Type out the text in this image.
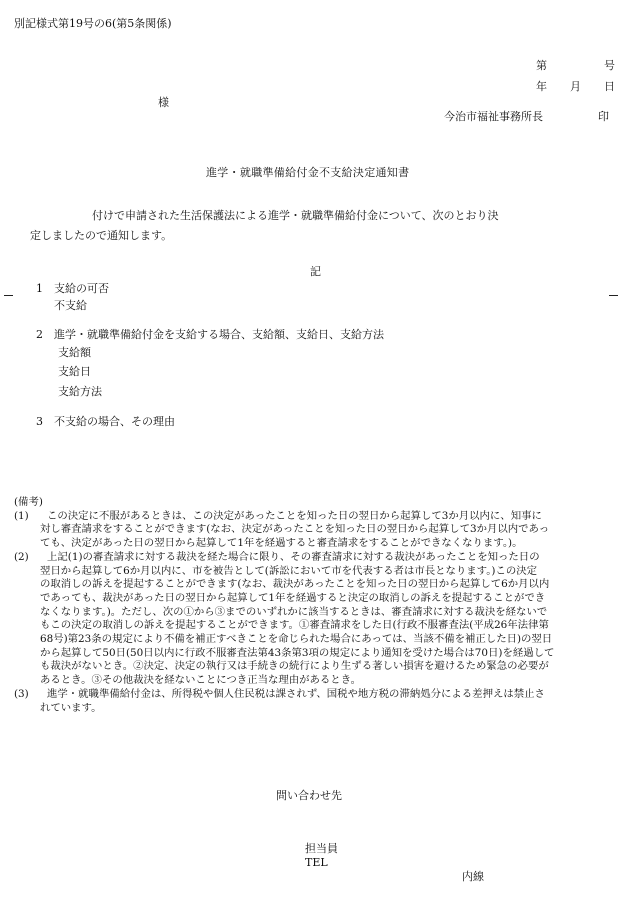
別記様式第19号の6(第5条関係)
第	号
年 月 日
様
今治市福祉事務所長	印
進学・就職準備給付金不支給決定通知書
付けで申請された生活保護法による進学・就職準備給付金について、次のとおり決
定しましたので通知します。
記
1 支給の可否
不支給
2 進学・就職準備給付金を支給する場合、支給額、支給日、支給方法
支給額
支給日
支給方法
3 不支給の場合、その理由

(備考)

(1)	この決定に不服があるときは、この決定があったことを知った日の翌日から起算して3か月以内に、知事に
対し審査請求をすることができます(なお、決定があったことを知った日の翌日から起算して3か月以内であっ
ても、決定があった日の翌日から起算して1年を経過すると審査請求をすることができなくなります。)。
(2)	上記(1)の審査請求に対する裁決を経た場合に限り、その審査請求に対する裁決があったことを知った日の
翌日から起算して6か月以内に、市を被告として(訴訟において市を代表する者は市長となります。)この決定
の取消しの訴えを提起することができます(なお、裁決があったことを知った日の翌日から起算して6か月以内
であっても、裁決があった日の翌日から起算して1年を経過すると決定の取消しの訴えを提起することができ
なくなります。)。ただし、次の①から③までのいずれかに該当するときは、審査請求に対する裁決を経ないで
もこの決定の取消しの訴えを提起することができます。①審査請求をした日(行政不服審査法(平成26年法律第
68号)第23条の規定により不備を補正すべきことを命じられた場合にあっては、当該不備を補正した日)の翌日
から起算して50日(50日以内に行政不服審査法第43条第3項の規定により通知を受けた場合は70日)を経過して
も裁決がないとき。②決定、決定の執行又は手続きの続行により生ずる著しい損害を避けるため緊急の必要が
あるとき。③その他裁決を経ないことにつき正当な理由があるとき。
(3)	進学・就職準備給付金は、所得税や個人住民税は課されず、国税や地方税の滞納処分による差押えは禁止さ
れています。
問い合わせ先
担当員
TEL
内線
